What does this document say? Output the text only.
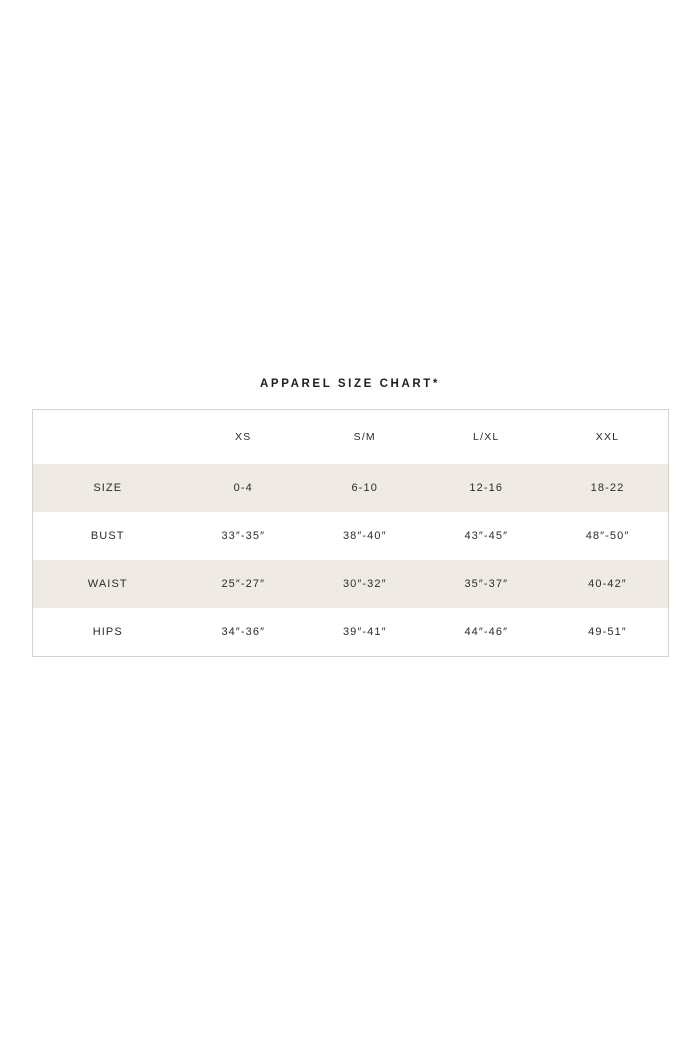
APPAREL SIZE CHART*
	XS	S/M	L/XL	XXL
SIZE	0-4	6-10	12-16	18-22
BUST	33″-35″	38″-40″	43″-45″	48″-50″
WAIST	25″-27″	30″-32″	35″-37″	40-42″
HIPS	34″-36″	39″-41″	44″-46″	49-51″
